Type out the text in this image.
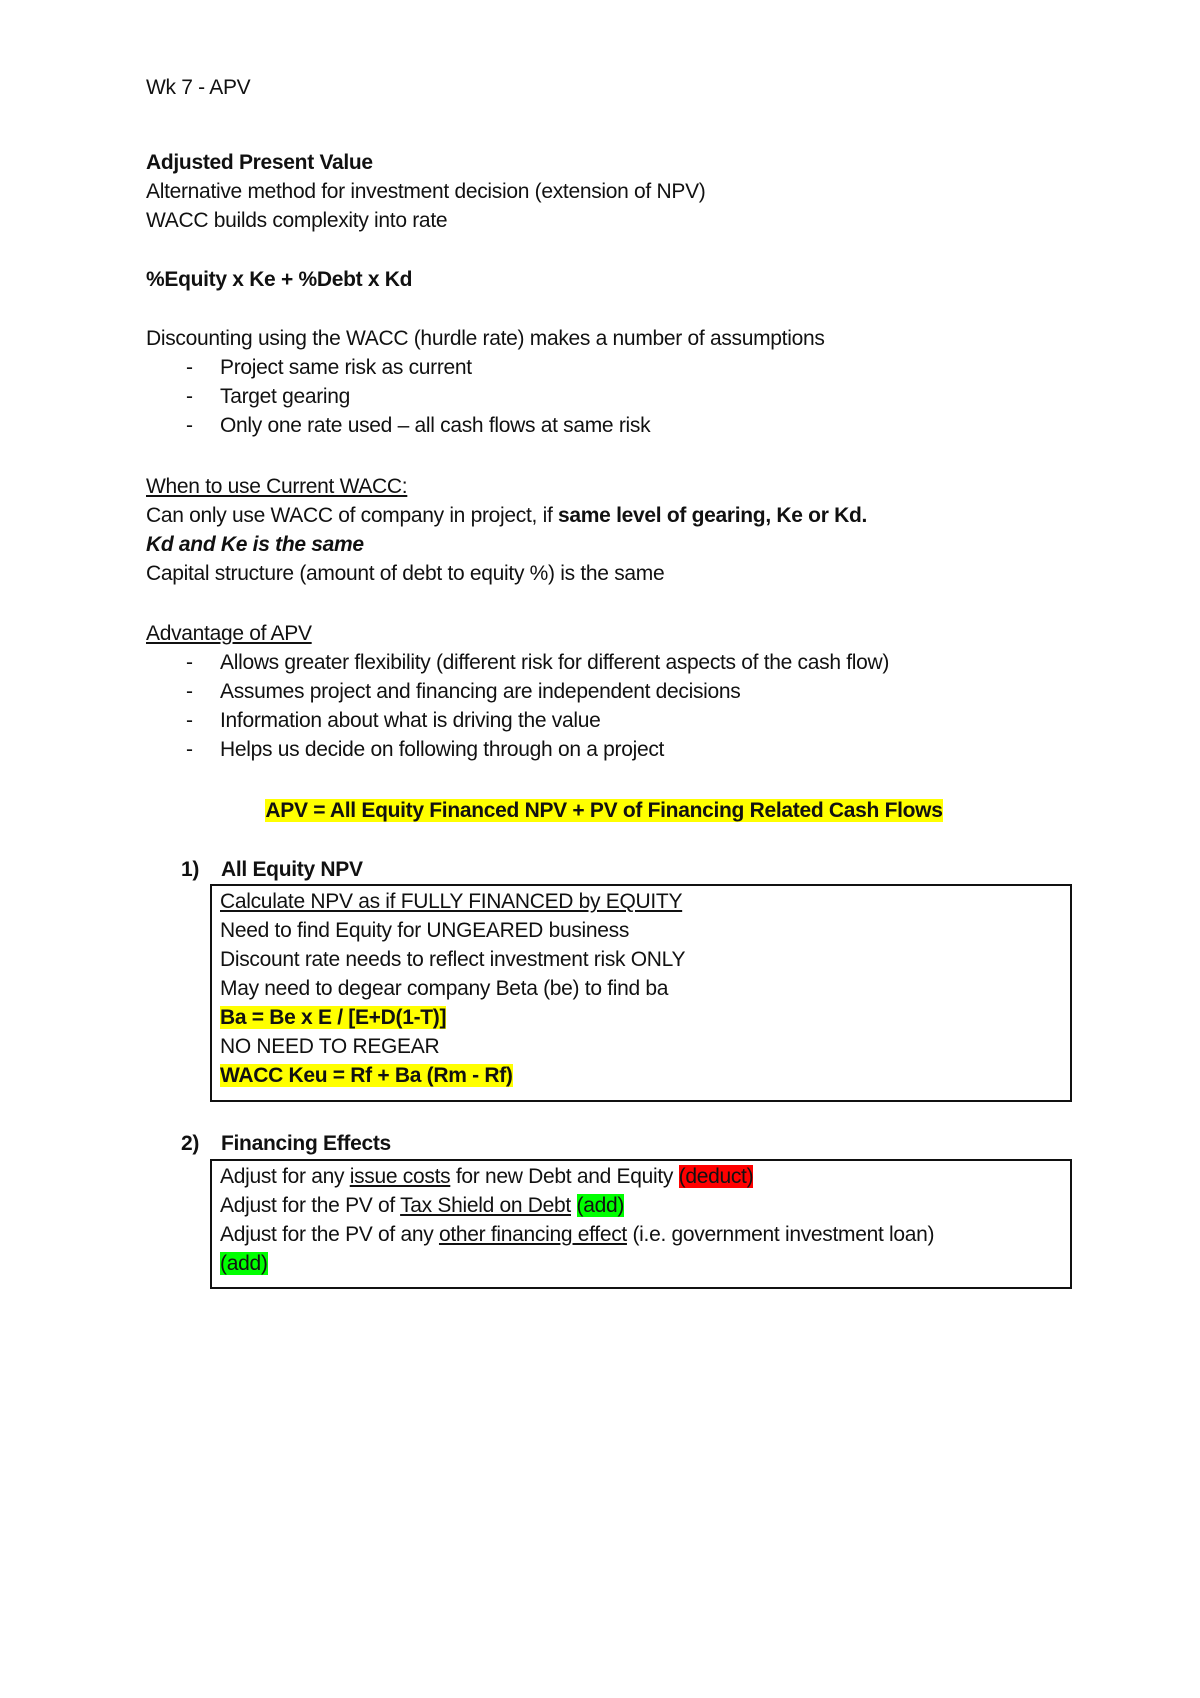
Wk 7 - APV
Adjusted Present Value
Alternative method for investment decision (extension of NPV)
WACC builds complexity into rate
%Equity x Ke + %Debt x Kd
Discounting using the WACC (hurdle rate) makes a number of assumptions
- Project same risk as current
- Target gearing
- Only one rate used – all cash flows at same risk
When to use Current WACC:
Can only use WACC of company in project, if same level of gearing, Ke or Kd.
Kd and Ke is the same
Capital structure (amount of debt to equity %) is the same
Advantage of APV
- Allows greater flexibility (different risk for different aspects of the cash flow)
- Assumes project and financing are independent decisions
- Information about what is driving the value
- Helps us decide on following through on a project
APV = All Equity Financed NPV + PV of Financing Related Cash Flows
1) All Equity NPV
Calculate NPV as if FULLY FINANCED by EQUITY
Need to find Equity for UNGEARED business
Discount rate needs to reflect investment risk ONLY
May need to degear company Beta (be) to find ba
Ba = Be x E / [E+D(1-T)]
NO NEED TO REGEAR
WACC Keu = Rf + Ba (Rm - Rf)
2) Financing Effects
Adjust for any issue costs for new Debt and Equity (deduct)
Adjust for the PV of Tax Shield on Debt (add)
Adjust for the PV of any other financing effect (i.e. government investment loan)
(add)
